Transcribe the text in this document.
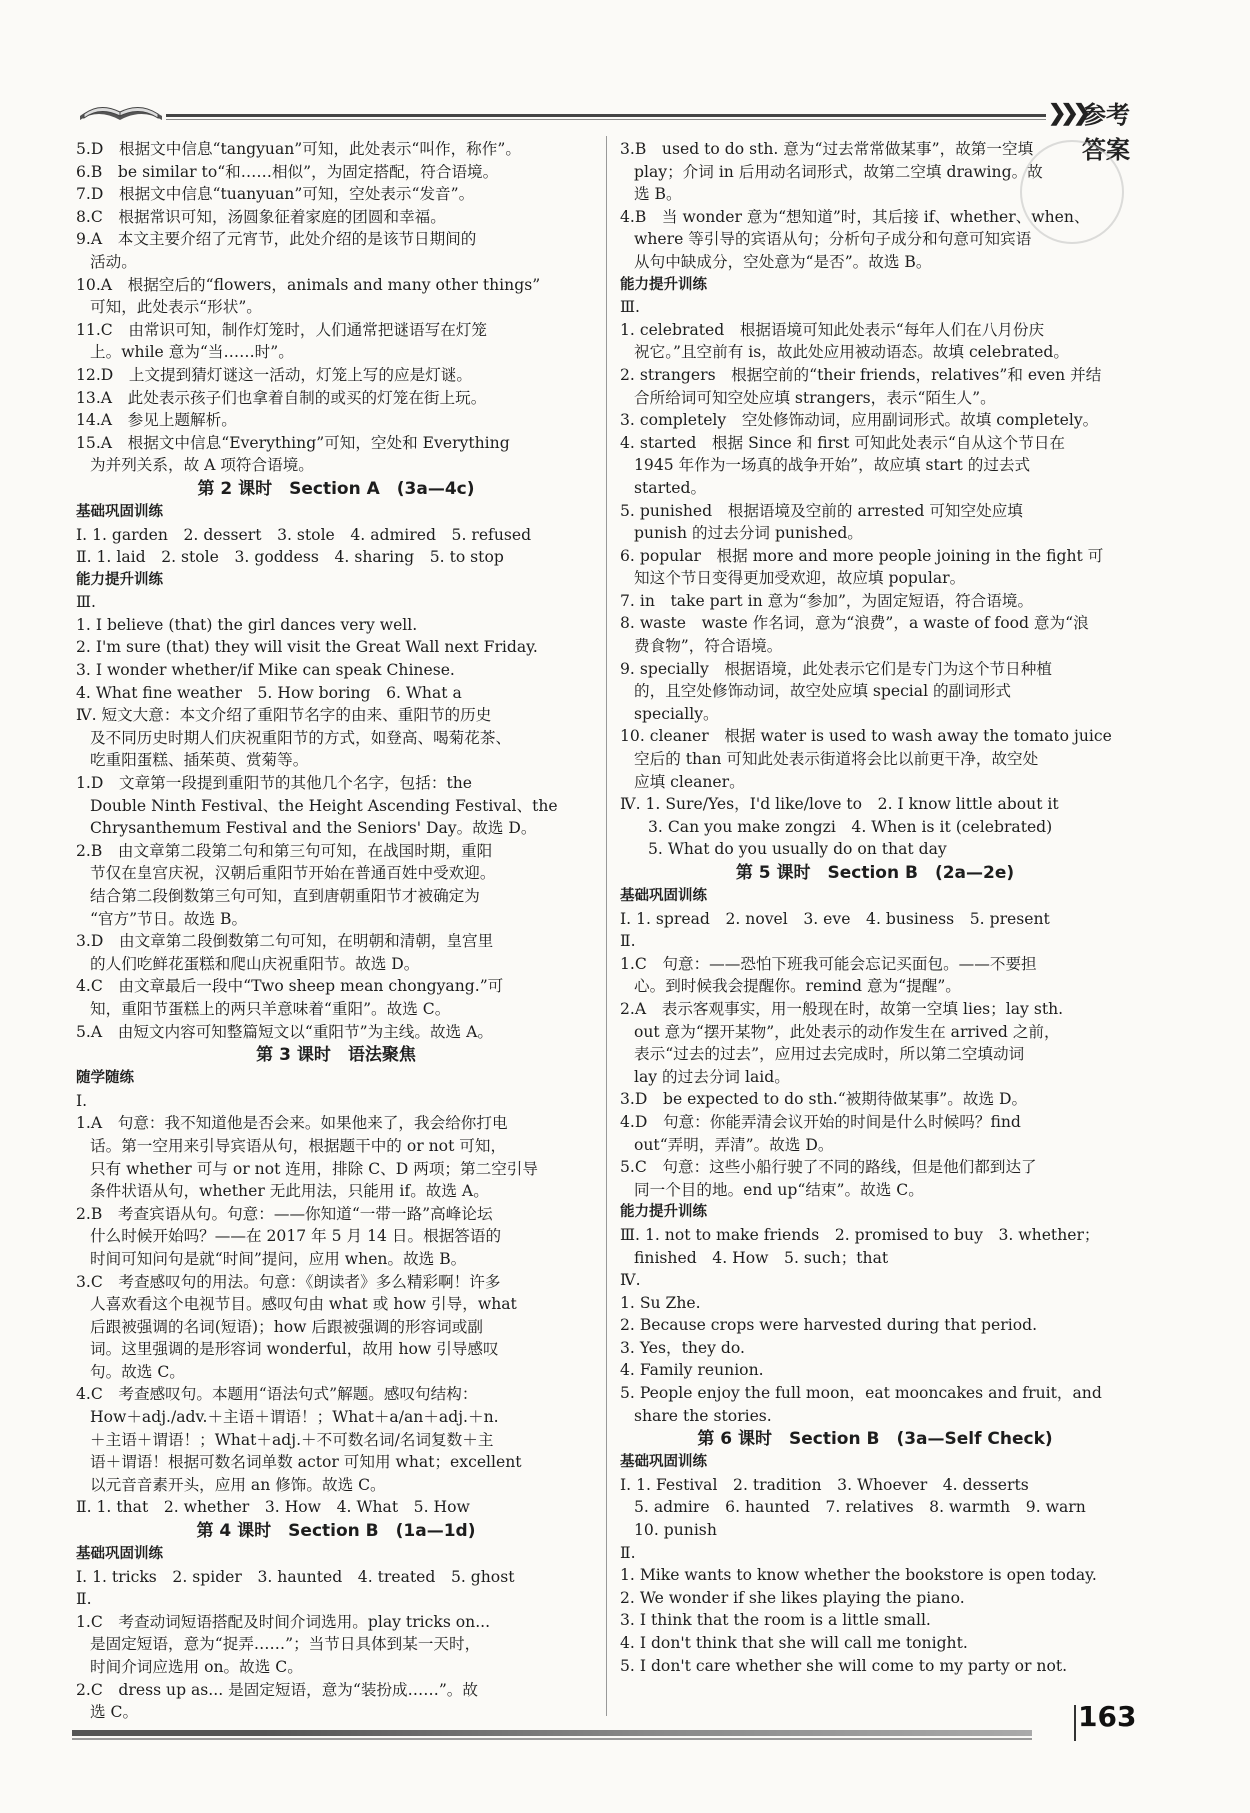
❯❯❯
参考答案
5.D　根据文中信息“tangyuan”可知，此处表示“叫作，称作”。
6.B　be similar to“和……相似”，为固定搭配，符合语境。
7.D　根据文中信息“tuanyuan”可知，空处表示“发音”。
8.C　根据常识可知，汤圆象征着家庭的团圆和幸福。
9.A　本文主要介绍了元宵节，此处介绍的是该节日期间的
活动。
10.A　根据空后的“flowers，animals and many other things”
可知，此处表示“形状”。
11.C　由常识可知，制作灯笼时，人们通常把谜语写在灯笼
上。while 意为“当……时”。
12.D　上文提到猜灯谜这一活动，灯笼上写的应是灯谜。
13.A　此处表示孩子们也拿着自制的或买的灯笼在街上玩。
14.A　参见上题解析。
15.A　根据文中信息“Everything”可知，空处和 Everything
为并列关系，故 A 项符合语境。
第 2 课时　Section A　(3a—4c)
基础巩固训练
Ⅰ. 1. garden　2. dessert　3. stole　4. admired　5. refused
Ⅱ. 1. laid　2. stole　3. goddess　4. sharing　5. to stop
能力提升训练
Ⅲ.
1. I believe (that) the girl dances very well.
2. I'm sure (that) they will visit the Great Wall next Friday.
3. I wonder whether/if Mike can speak Chinese.
4. What fine weather　5. How boring　6. What a
Ⅳ. 短文大意：本文介绍了重阳节名字的由来、重阳节的历史
及不同历史时期人们庆祝重阳节的方式，如登高、喝菊花茶、
吃重阳蛋糕、插茱萸、赏菊等。
1.D　文章第一段提到重阳节的其他几个名字，包括：the
Double Ninth Festival、the Height Ascending Festival、the
Chrysanthemum Festival and the Seniors' Day。故选 D。
2.B　由文章第二段第二句和第三句可知，在战国时期，重阳
节仅在皇宫庆祝，汉朝后重阳节开始在普通百姓中受欢迎。
结合第二段倒数第三句可知，直到唐朝重阳节才被确定为
“官方”节日。故选 B。
3.D　由文章第二段倒数第二句可知，在明朝和清朝，皇宫里
的人们吃鲜花蛋糕和爬山庆祝重阳节。故选 D。
4.C　由文章最后一段中“Two sheep mean chongyang.”可
知，重阳节蛋糕上的两只羊意味着“重阳”。故选 C。
5.A　由短文内容可知整篇短文以“重阳节”为主线。故选 A。
第 3 课时　语法聚焦
随学随练
Ⅰ.
1.A　句意：我不知道他是否会来。如果他来了，我会给你打电
话。第一空用来引导宾语从句，根据题干中的 or not 可知，
只有 whether 可与 or not 连用，排除 C、D 两项；第二空引导
条件状语从句，whether 无此用法，只能用 if。故选 A。
2.B　考查宾语从句。句意：——你知道“一带一路”高峰论坛
什么时候开始吗？——在 2017 年 5 月 14 日。根据答语的
时间可知问句是就“时间”提问，应用 when。故选 B。
3.C　考查感叹句的用法。句意：《朗读者》多么精彩啊！许多
人喜欢看这个电视节目。感叹句由 what 或 how 引导，what
后跟被强调的名词(短语)；how 后跟被强调的形容词或副
词。这里强调的是形容词 wonderful，故用 how 引导感叹
句。故选 C。
4.C　考查感叹句。本题用“语法句式”解题。感叹句结构：
How＋adj./adv.＋主语＋谓语！；What＋a/an＋adj.＋n.
＋主语＋谓语！；What＋adj.＋不可数名词/名词复数＋主
语＋谓语！根据可数名词单数 actor 可知用 what；excellent
以元音音素开头，应用 an 修饰。故选 C。
Ⅱ. 1. that　2. whether　3. How　4. What　5. How
第 4 课时　Section B　(1a—1d)
基础巩固训练
Ⅰ. 1. tricks　2. spider　3. haunted　4. treated　5. ghost
Ⅱ.
1.C　考查动词短语搭配及时间介词选用。play tricks on...
是固定短语，意为“捉弄……”；当节日具体到某一天时，
时间介词应选用 on。故选 C。
2.C　dress up as... 是固定短语，意为“装扮成……”。故
选 C。
3.B　used to do sth. 意为“过去常常做某事”，故第一空填
play；介词 in 后用动名词形式，故第二空填 drawing。故
选 B。
4.B　当 wonder 意为“想知道”时，其后接 if、whether、when、
where 等引导的宾语从句；分析句子成分和句意可知宾语
从句中缺成分，空处意为“是否”。故选 B。
能力提升训练
Ⅲ.
1. celebrated　根据语境可知此处表示“每年人们在八月份庆
祝它。”且空前有 is，故此处应用被动语态。故填 celebrated。
2. strangers　根据空前的“their friends，relatives”和 even 并结
合所给词可知空处应填 strangers，表示“陌生人”。
3. completely　空处修饰动词，应用副词形式。故填 completely。
4. started　根据 Since 和 first 可知此处表示“自从这个节日在
1945 年作为一场真的战争开始”，故应填 start 的过去式
started。
5. punished　根据语境及空前的 arrested 可知空处应填
punish 的过去分词 punished。
6. popular　根据 more and more people joining in the fight 可
知这个节日变得更加受欢迎，故应填 popular。
7. in　take part in 意为“参加”，为固定短语，符合语境。
8. waste　waste 作名词，意为“浪费”，a waste of food 意为“浪
费食物”，符合语境。
9. specially　根据语境，此处表示它们是专门为这个节日种植
的，且空处修饰动词，故空处应填 special 的副词形式
specially。
10. cleaner　根据 water is used to wash away the tomato juice
空后的 than 可知此处表示街道将会比以前更干净，故空处
应填 cleaner。
Ⅳ. 1. Sure/Yes，I'd like/love to　2. I know little about it
3. Can you make zongzi　4. When is it (celebrated)
5. What do you usually do on that day
第 5 课时　Section B　(2a—2e)
基础巩固训练
Ⅰ. 1. spread　2. novel　3. eve　4. business　5. present
Ⅱ.
1.C　句意：——恐怕下班我可能会忘记买面包。——不要担
心。到时候我会提醒你。remind 意为“提醒”。
2.A　表示客观事实，用一般现在时，故第一空填 lies；lay sth.
out 意为“摆开某物”，此处表示的动作发生在 arrived 之前，
表示“过去的过去”，应用过去完成时，所以第二空填动词
lay 的过去分词 laid。
3.D　be expected to do sth.“被期待做某事”。故选 D。
4.D　句意：你能弄清会议开始的时间是什么时候吗？find
out“弄明，弄清”。故选 D。
5.C　句意：这些小船行驶了不同的路线，但是他们都到达了
同一个目的地。end up“结束”。故选 C。
能力提升训练
Ⅲ. 1. not to make friends　2. promised to buy　3. whether；
finished　4. How　5. such；that
Ⅳ.
1. Su Zhe.
2. Because crops were harvested during that period.
3. Yes，they do.
4. Family reunion.
5. People enjoy the full moon，eat mooncakes and fruit，and
share the stories.
第 6 课时　Section B　(3a—Self Check)
基础巩固训练
Ⅰ. 1. Festival　2. tradition　3. Whoever　4. desserts
5. admire　6. haunted　7. relatives　8. warmth　9. warn
10. punish
Ⅱ.
1. Mike wants to know whether the bookstore is open today.
2. We wonder if she likes playing the piano.
3. I think that the room is a little small.
4. I don't think that she will call me tonight.
5. I don't care whether she will come to my party or not.
163
